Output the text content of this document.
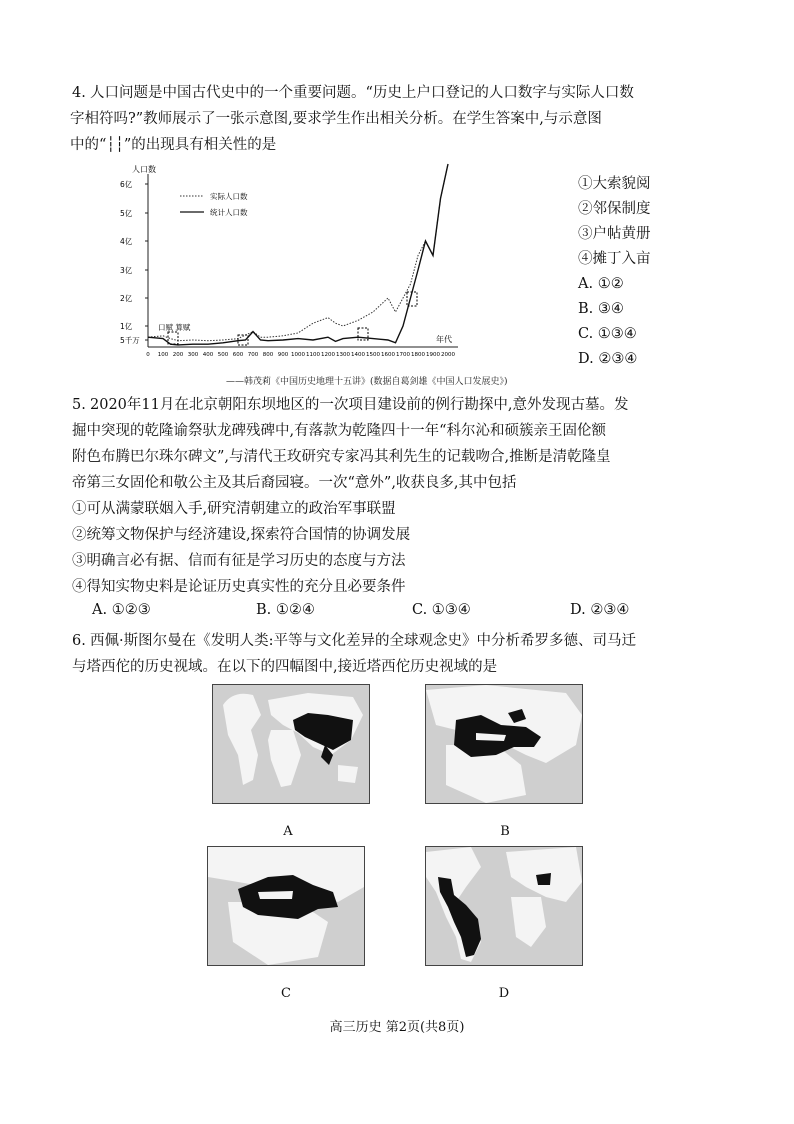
4. 人口问题是中国古代史中的一个重要问题。“历史上户口登记的人口数字与实际人口数
字相符吗?”教师展示了一张示意图,要求学生作出相关分析。在学生答案中,与示意图
中的“┆┆”的出现具有相关性的是
人口数
年代
6亿
5亿
4亿
3亿
2亿
1亿
5千万
0 100 200 300 400 500 600 700 800 900 1000 1100 1200 1300 1400 1500 1600 1700 1800 1900 2000
实际人口数
统计人口数
口赋 算赋
——韩茂莉《中国历史地理十五讲》(数据自葛剑雄《中国人口发展史》)
①大索貌阅
②邻保制度
③户帖黄册
④摊丁入亩
A. ①②
B. ③④
C. ①③④
D. ②③④
5. 2020年11月在北京朝阳东坝地区的一次项目建设前的例行勘探中,意外发现古墓。发
掘中突现的乾隆谕祭驮龙碑残碑中,有落款为乾隆四十一年“科尔沁和硕簇亲王固伦额
附色布腾巴尔珠尔碑文”,与清代王玫研究专家冯其利先生的记载吻合,推断是清乾隆皇
帝第三女固伦和敬公主及其后裔园寝。一次“意外”,收获良多,其中包括
①可从满蒙联姻入手,研究清朝建立的政治军事联盟
②统筹文物保护与经济建设,探索符合国情的协调发展
③明确言必有据、信而有征是学习历史的态度与方法
④得知实物史料是论证历史真实性的充分且必要条件
A. ①②③	B. ①②④	C. ①③④	D. ②③④
6. 西佩·斯图尔曼在《发明人类:平等与文化差异的全球观念史》中分析希罗多德、司马迁
与塔西佗的历史视域。在以下的四幅图中,接近塔西佗历史视域的是
A	B
C	D
高三历史 第2页(共8页)
